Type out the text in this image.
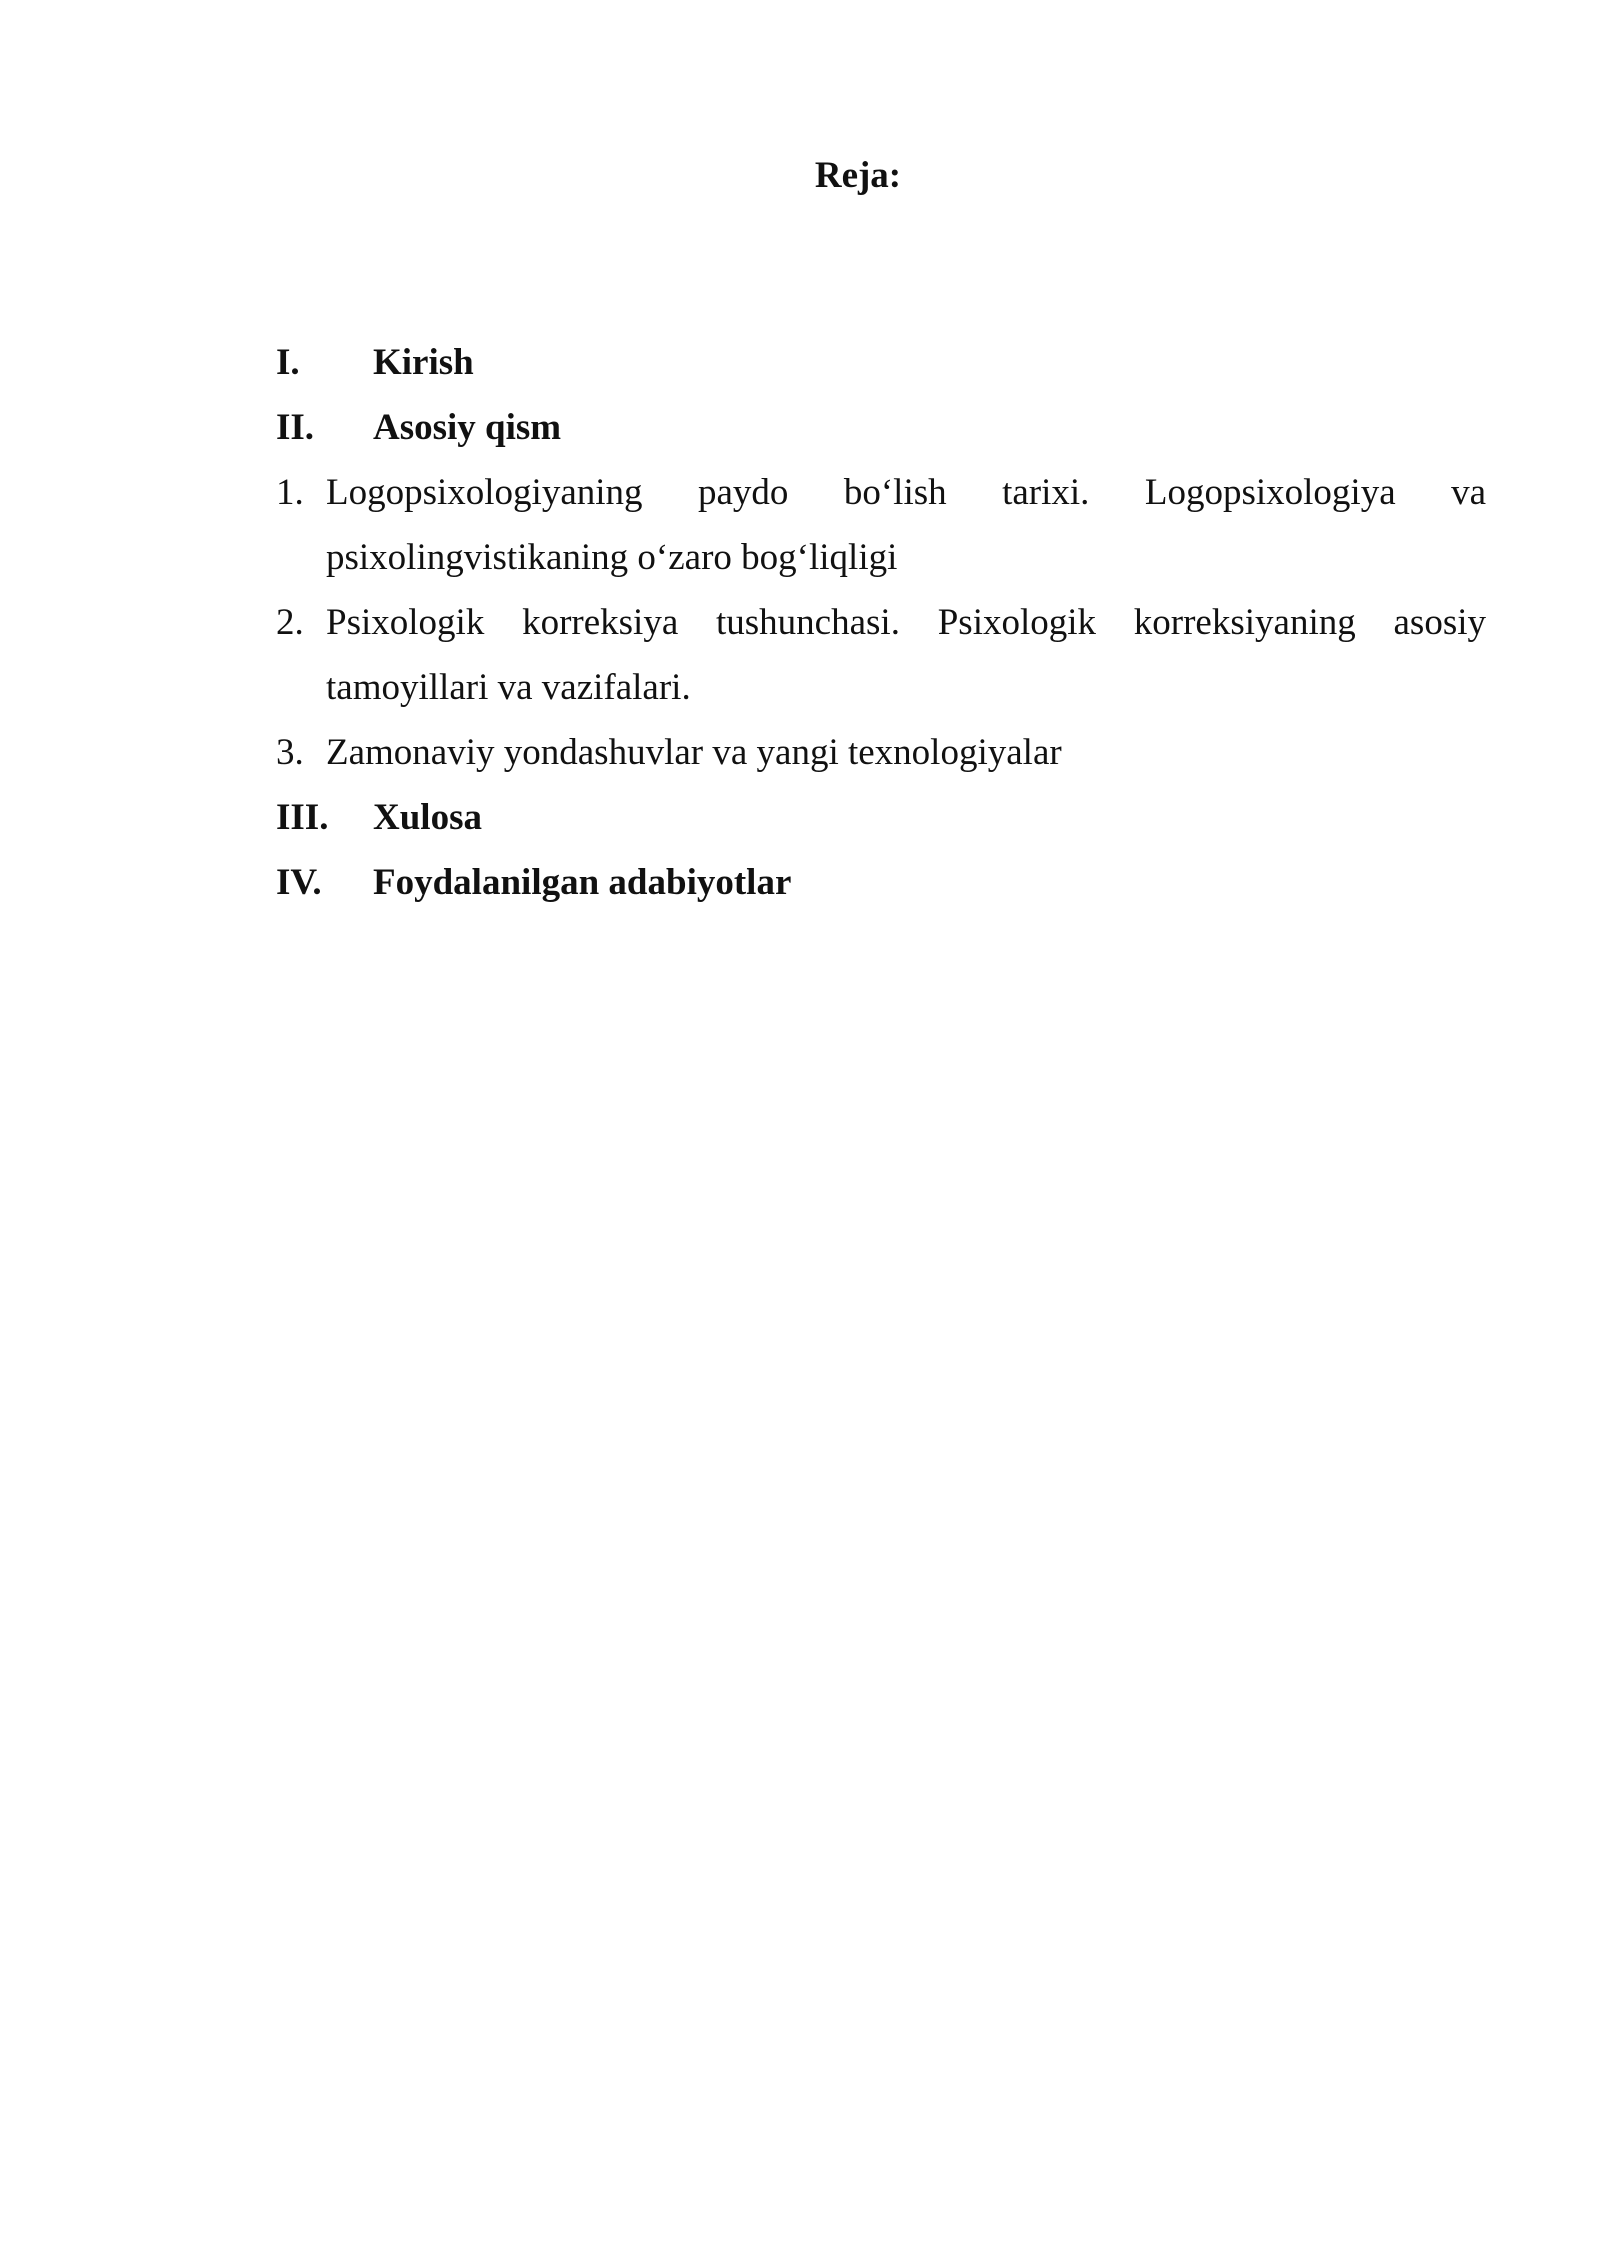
Reja:
I. Kirish
II. Asosiy qism
1. Logopsixologiyaning paydo bo‘lish tarixi. Logopsixologiya va
psixolingvistikaning o‘zaro bog‘liqligi
2. Psixologik korreksiya tushunchasi. Psixologik korreksiyaning asosiy
tamoyillari va vazifalari.
3. Zamonaviy yondashuvlar va yangi texnologiyalar
III. Xulosa
IV. Foydalanilgan adabiyotlar
